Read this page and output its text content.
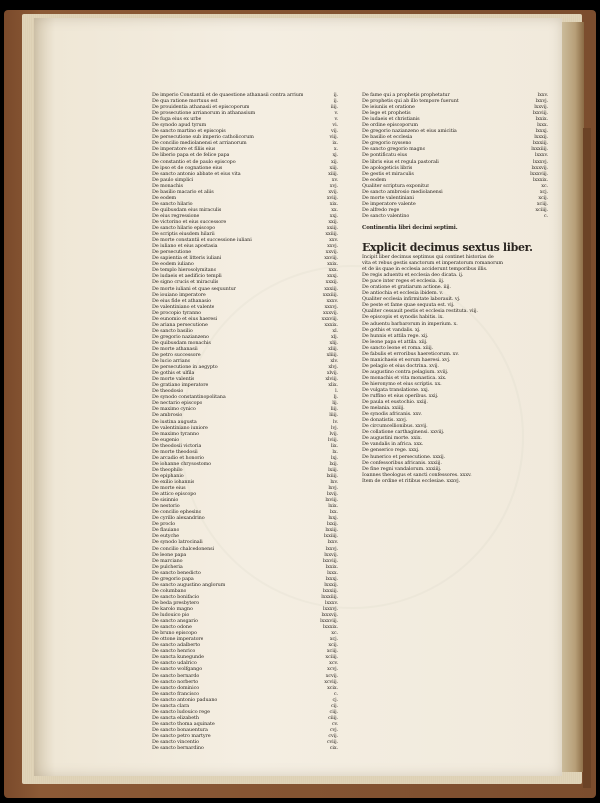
De imperio Constantii et de quaestione athanasii contra arrium	ij.
De qua ratione mortuus est	ij.
De prouidentia athanasii et episcoporum	iiij.
De prosecutione arrianorum in athanasium	v.
De fuga eius ex urbe	v.
De synodo apud tyrum	vi.
De sancto martino et episcopis	vij.
De persecutione sub imperio catholicorum	viij.
De concilio mediolanensi et arrianorum	ix.
De imperatore et filiis eius	x.
De liberio papa et de felice papa	xj.
De constantio et de paulo episcopo	xij.
De ipso et de cognatione eius	xiij.
De sancto antonio abbate et eius vita	xiiij.
De paulo simplici	xv.
De monachis	xvj.
De basilio macario et aliis	xvij.
De eodem	xviij.
De sancto hilario	xix.
De quibusdam eius miraculis	xx.
De eius regressione	xxj.
De victorino et eius successore	xxij.
De sancto hilario episcopo	xxiij.
De scriptis eiusdem hilarii	xxiiij.
De morte constantii et successione iuliani	xxv.
De iuliano et eius apostasia	xxvj.
De persecutione	xxvij.
De sapientia et litteris iuliani	xxviij.
De eodem iuliano	xxix.
De templo hierosolymitano	xxx.
De iudaeis et aedificio templi	xxxj.
De signo crucis et miraculis	xxxij.
De morte iuliani et quae sequuntur	xxxiij.
De iouiano imperatore	xxxiiij.
De eius fide et athanasio	xxxv.
De valentiniano et valente	xxxvj.
De procopio tyranno	xxxvij.
De eunomio et eius haeresi	xxxviij.
De ariana persecutione	xxxix.
De sancto basilio	xl.
De gregorio nazianzeno	xlj.
De quibusdam monachis	xlij.
De morte athanasii	xliij.
De petro successore	xliiij.
De lucio arriano	xlv.
De persecutione in aegypto	xlvj.
De gothis et ulfila	xlvij.
De morte valentis	xlviij.
De gratiano imperatore	xlix.
De theodosio	l.
De synodo constantinopolitana	lj.
De nectario episcopo	lij.
De maximo cynico	liij.
De ambrosio	liiij.
De iustina augusta	lv.
De valentiniano iuniore	lvj.
De maximo tyranno	lvij.
De eugenio	lviij.
De theodosii victoria	lix.
De morte theodosii	lx.
De arcadio et honorio	lxj.
De iohanne chrysostomo	lxij.
De theophilo	lxiij.
De epiphanio	lxiiij.
De exilio iohannis	lxv.
De morte eius	lxvj.
De attico episcopo	lxvij.
De sisinnio	lxviij.
De nestorio	lxix.
De concilio ephesino	lxx.
De cyrillo alexandrino	lxxj.
De proclo	lxxij.
De flauiano	lxxiij.
De eutyche	lxxiiij.
De synodo latrocinali	lxxv.
De concilio chalcedonensi	lxxvj.
De leone papa	lxxvij.
De marciano	lxxviij.
De pulcheria	lxxix.
De sancto benedicto	lxxx.
De gregorio papa	lxxxj.
De sancto augustino anglorum	lxxxij.
De columbano	lxxxiij.
De sancto bonifacio	lxxxiiij.
De beda presbytero	lxxxv.
De karolo magno	lxxxvj.
De ludouico pio	lxxxvij.
De sancto ansgario	lxxxviij.
De sancto odone	lxxxix.
De bruno episcopo	xc.
De ottone imperatore	xcj.
De sancto adalberto	xcij.
De sancto henrico	xciij.
De sancta kunegunde	xciiij.
De sancto udalrico	xcv.
De sancto wolfgango	xcvj.
De sancto bernardo	xcvij.
De sancto norberto	xcviij.
De sancto dominico	xcix.
De sancto francisco	c.
De sancto antonio paduano	cj.
De sancta clara	cij.
De sancto ludouico rege	ciij.
De sancta elizabeth	ciiij.
De sancto thoma aquinate	cv.
De sancto bonauentura	cvj.
De sancto petro martyre	cvij.
De sancto vincentio	cviij.
De sancto bernardino	cix.
De fame qui a prophetis prophetatur	lxxv.
De prophetis qui ab illo tempore fuerunt	lxxvj.
De ieiuniis et oratione	lxxvij.
De lege et prophetis	lxxviij.
De iudaeis et christianis	lxxix.
De ordine episcoporum	lxxx.
De gregorio nazianzeno et eius amicitia	lxxxj.
De basilio et ecclesia	lxxxij.
De gregorio nysseno	lxxxiij.
De sancto gregorio magno	lxxxiiij.
De pontificatu eius	lxxxv.
De libris eius et regula pastorali	lxxxvj.
De apologeticis libris	lxxxvij.
De gestis et miraculis	lxxxviij.
De eodem	lxxxix.
Qualiter scriptura exponitur	xc.
De sancto ambrosio mediolanensi	xcj.
De morte valentiniani	xcij.
De imperatore valente	xciij.
De alfredo rege	xciiij.
De sancto valentino	c.
Continentia libri decimi septimi.
Explicit decimus sextus liber.
Incipit liber decimus septimus qui continet historias de
vita et rebus gestis sanctorum et imperatorum romanorum
et de iis quae in ecclesia acciderunt temporibus illis.
De regis aduentu et ecclesia deo dicata. ij.
De pace inter reges et ecclesia. iij.
De oratione et gratiarum actione. iiij.
De antiochia et ecclesia ibidem. v.
Qualiter ecclesia infirmitate laborauit. vj.
De peste et fame quae sequuta est. vij.
Qualiter cessauit pestis et ecclesia restituta. viij.
De episcopis et synodis habitis. ix.
De aduentu barbarorum in imperium. x.
De gothis et vandalis. xj.
De hunnis et attila rege. xij.
De leone papa et attila. xiij.
De sancto leone et roma. xiiij.
De fabulis et erroribus haereticorum. xv.
De manichaeis et eorum haeresi. xvj.
De pelagio et eius doctrina. xvij.
De augustino contra pelagium. xviij.
De monachis et vita monastica. xix.
De hieronymo et eius scriptis. xx.
De vulgata translatione. xxj.
De ruffino et eius operibus. xxij.
De paula et eustochio. xxiij.
De melania. xxiiij.
De synodis africanis. xxv.
De donatistis. xxvj.
De circumcellionibus. xxvij.
De collatione carthaginensi. xxviij.
De augustini morte. xxix.
De vandalis in africa. xxx.
De genserico rege. xxxj.
De hunerico et persecutione. xxxij.
De confessoribus africanis. xxxiij.
De fine regni vandalorum. xxxiiij.
Ioannes theologus et sancti confessores. xxxv.
Item de ordine et ritibus ecclesiae. xxxvj.
